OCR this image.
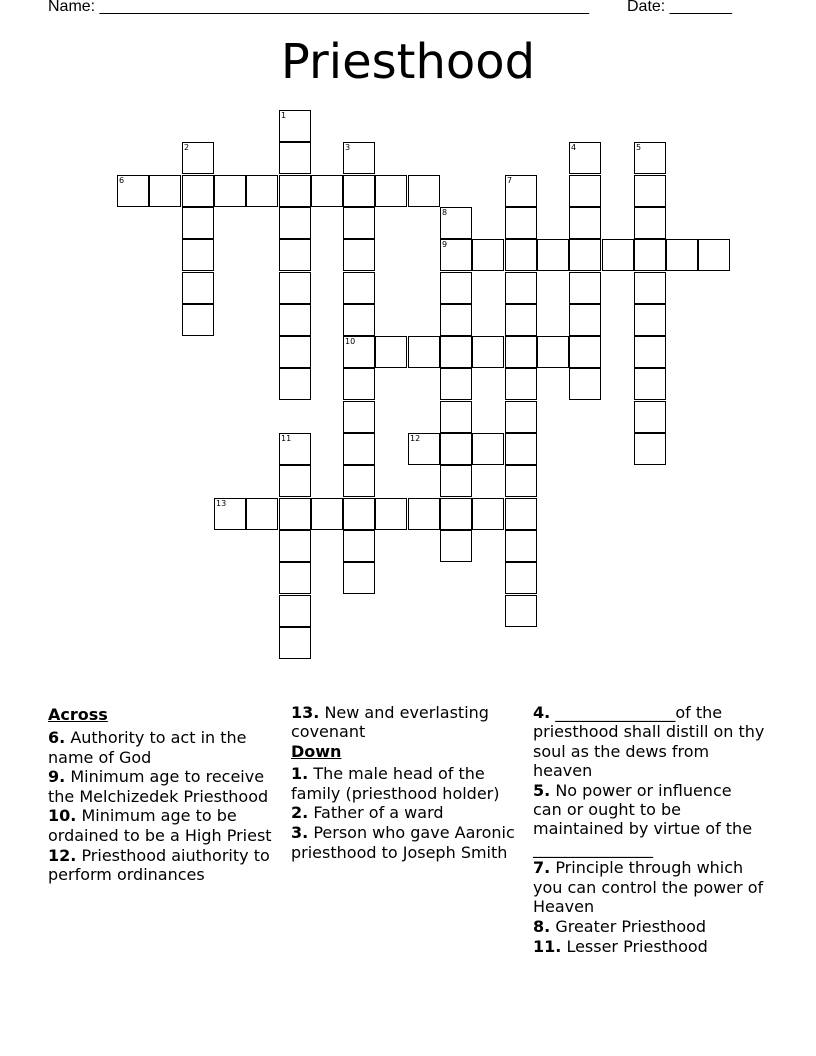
Name: _______________________________________________________ Date: _______
Priesthood
1
2	3
10
4	5
6	7
8
9
11	12
13
Across
6. Authority to act in the name of God
9. Minimum age to receive the Melchizedek Priesthood
10. Minimum age to be ordained to be a High Priest
12. Priesthood aiuthority to perform ordinances
13. New and everlasting covenant
Down
1. The male head of the family (priesthood holder)
2. Father of a ward
3. Person who gave Aaronic priesthood to Joseph Smith
4. _______________of the priesthood shall distill on thy soul as the dews from heaven
5. No power or influence can or ought to be maintained by virtue of the _______________
7. Principle through which you can control the power of Heaven
8. Greater Priesthood
11. Lesser Priesthood
